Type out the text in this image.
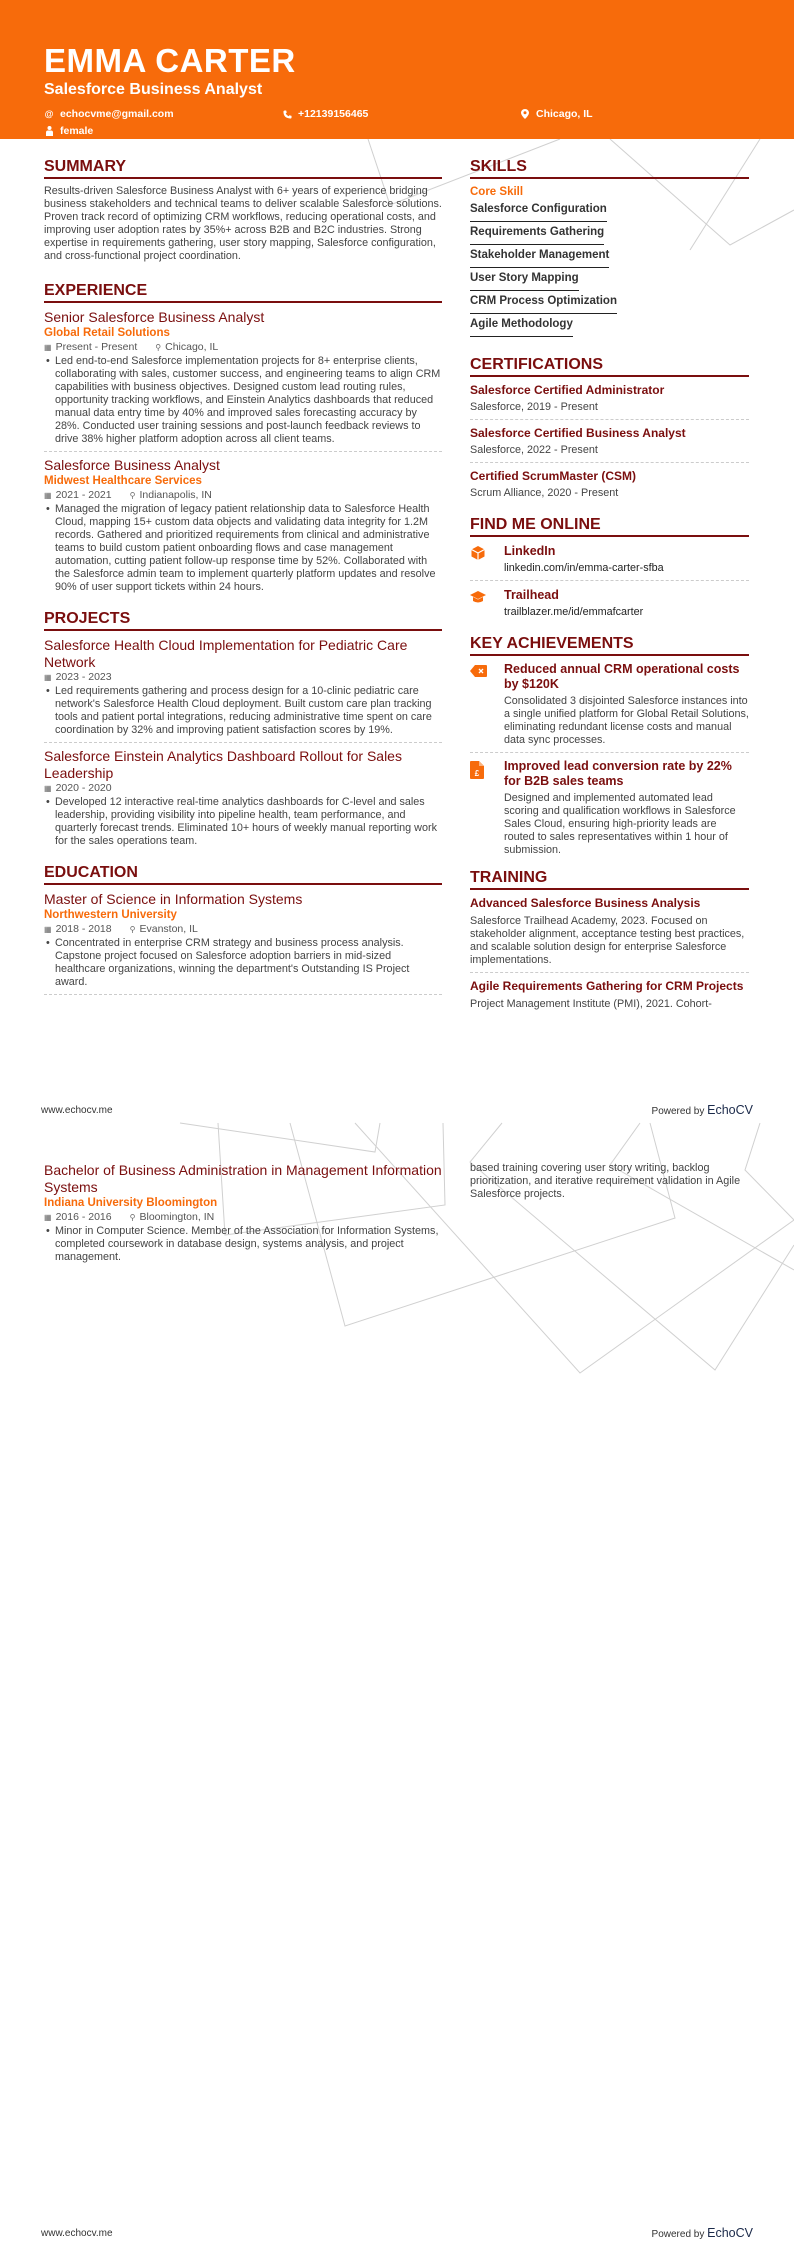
EMMA CARTER
Salesforce Business Analyst
@ echocvme@gmail.com	+12139156465	Chicago, IL
female
SUMMARY
Results-driven Salesforce Business Analyst with 6+ years of experience bridging business stakeholders and technical teams to deliver scalable Salesforce solutions. Proven track record of optimizing CRM workflows, reducing operational costs, and improving user adoption rates by 35%+ across B2B and B2C industries. Strong expertise in requirements gathering, user story mapping, Salesforce configuration, and cross-functional project coordination.
EXPERIENCE
Senior Salesforce Business Analyst
Global Retail Solutions
▦ Present - Present ⚲ Chicago, IL
• Led end-to-end Salesforce implementation projects for 8+ enterprise clients, collaborating with sales, customer success, and engineering teams to align CRM capabilities with business objectives. Designed custom lead routing rules, opportunity tracking workflows, and Einstein Analytics dashboards that reduced manual data entry time by 40% and improved sales forecasting accuracy by 28%. Conducted user training sessions and post-launch feedback reviews to drive 38% higher platform adoption across all client teams.
Salesforce Business Analyst
Midwest Healthcare Services
▦ 2021 - 2021 ⚲ Indianapolis, IN
• Managed the migration of legacy patient relationship data to Salesforce Health Cloud, mapping 15+ custom data objects and validating data integrity for 1.2M records. Gathered and prioritized requirements from clinical and administrative teams to build custom patient onboarding flows and case management automation, cutting patient follow-up response time by 52%. Collaborated with the Salesforce admin team to implement quarterly platform updates and resolve 90% of user support tickets within 24 hours.
PROJECTS
Salesforce Health Cloud Implementation for Pediatric Care Network
▦ 2023 - 2023
• Led requirements gathering and process design for a 10-clinic pediatric care network's Salesforce Health Cloud deployment. Built custom care plan tracking tools and patient portal integrations, reducing administrative time spent on care coordination by 32% and improving patient satisfaction scores by 19%.
Salesforce Einstein Analytics Dashboard Rollout for Sales Leadership
▦ 2020 - 2020
• Developed 12 interactive real-time analytics dashboards for C-level and sales leadership, providing visibility into pipeline health, team performance, and quarterly forecast trends. Eliminated 10+ hours of weekly manual reporting work for the sales operations team.
EDUCATION
Master of Science in Information Systems
Northwestern University
▦ 2018 - 2018 ⚲ Evanston, IL
• Concentrated in enterprise CRM strategy and business process analysis. Capstone project focused on Salesforce adoption barriers in mid-sized healthcare organizations, winning the department's Outstanding IS Project award.
SKILLS
Core Skill
Salesforce Configuration
Requirements Gathering
Stakeholder Management
User Story Mapping
CRM Process Optimization
Agile Methodology
CERTIFICATIONS
Salesforce Certified Administrator
Salesforce, 2019 - Present
Salesforce Certified Business Analyst
Salesforce, 2022 - Present
Certified ScrumMaster (CSM)
Scrum Alliance, 2020 - Present
FIND ME ONLINE
LinkedIn
linkedin.com/in/emma-carter-sfba
Trailhead
trailblazer.me/id/emmafcarter
KEY ACHIEVEMENTS
Reduced annual CRM operational costs by $120K
Consolidated 3 disjointed Salesforce instances into a single unified platform for Global Retail Solutions, eliminating redundant license costs and manual data sync processes.
£
Improved lead conversion rate by 22% for B2B sales teams
Designed and implemented automated lead scoring and qualification workflows in Salesforce Sales Cloud, ensuring high-priority leads are routed to sales representatives within 1 hour of submission.
TRAINING
Advanced Salesforce Business Analysis
Salesforce Trailhead Academy, 2023. Focused on stakeholder alignment, acceptance testing best practices, and scalable solution design for enterprise Salesforce implementations.
Agile Requirements Gathering for CRM Projects
Project Management Institute (PMI), 2021. Cohort-
www.echocv.me	Powered by EchoCV
Bachelor of Business Administration in Management Information Systems
Indiana University Bloomington
▦ 2016 - 2016 ⚲ Bloomington, IN
• Minor in Computer Science. Member of the Association for Information Systems, completed coursework in database design, systems analysis, and project management.
based training covering user story writing, backlog prioritization, and iterative requirement validation in Agile Salesforce projects.
www.echocv.me	Powered by EchoCV
